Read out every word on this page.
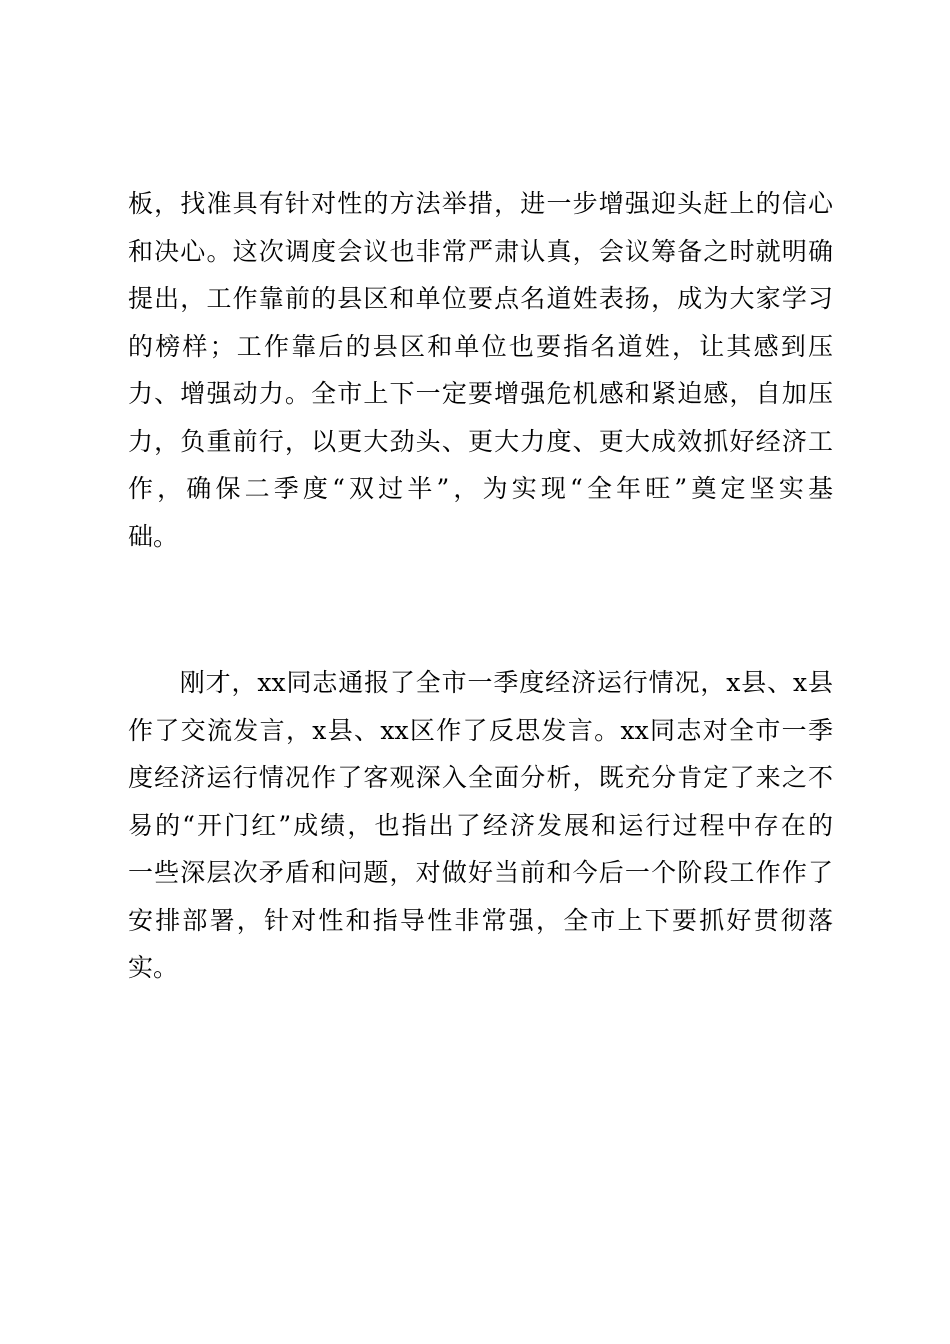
板，找准具有针对性的方法举措，进一步增强迎头赶上的信心
和决心。这次调度会议也非常严肃认真，会议筹备之时就明确
提出，工作靠前的县区和单位要点名道姓表扬，成为大家学习
的榜样；工作靠后的县区和单位也要指名道姓，让其感到压
力、增强动力。全市上下一定要增强危机感和紧迫感，自加压
力，负重前行，以更大劲头、更大力度、更大成效抓好经济工
作，确保二季度“双过半”，为实现“全年旺”奠定坚实基
础。
　　刚才，xx同志通报了全市一季度经济运行情况，x县、x县
作了交流发言，x县、xx区作了反思发言。xx同志对全市一季
度经济运行情况作了客观深入全面分析，既充分肯定了来之不
易的“开门红”成绩，也指出了经济发展和运行过程中存在的
一些深层次矛盾和问题，对做好当前和今后一个阶段工作作了
安排部署，针对性和指导性非常强，全市上下要抓好贯彻落
实。
